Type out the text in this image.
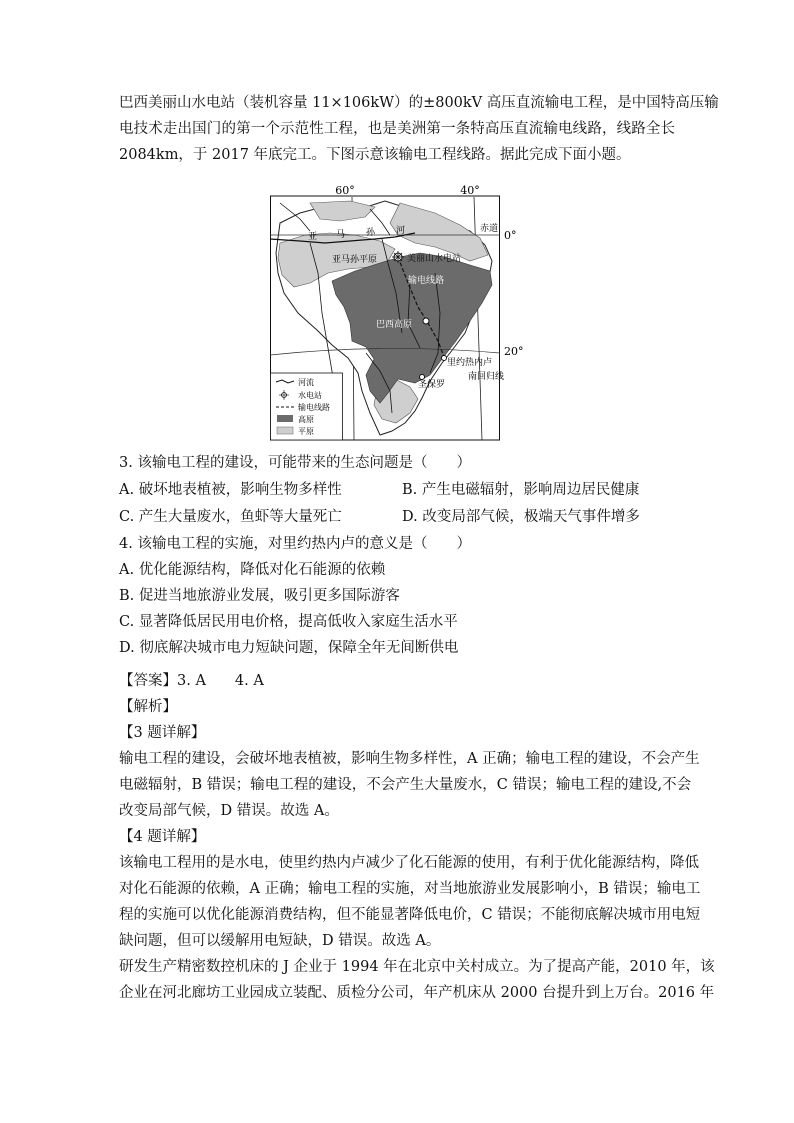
巴西美丽山水电站（装机容量 11×106kW）的±800kV 高压直流输电工程，是中国特高压输
电技术走出国门的第一个示范性工程，也是美洲第一条特高压直流输电线路，线路全长
2084km，于 2017 年底完工。下图示意该输电工程线路。据此完成下面小题。
60°	40°
0°
20°
赤道
南回归线
亚 马 孙 河
亚马孙平原	美丽山水电站
输电线路
巴西高原
里约热内卢
圣保罗
河流
水电站
输电线路
高原
平原
3. 该输电工程的建设，可能带来的生态问题是（　　）
A. 破坏地表植被，影响生物多样性	B. 产生电磁辐射，影响周边居民健康
C. 产生大量废水，鱼虾等大量死亡	D. 改变局部气候，极端天气事件增多
4. 该输电工程的实施，对里约热内卢的意义是（　　）
A. 优化能源结构，降低对化石能源的依赖
B. 促进当地旅游业发展，吸引更多国际游客
C. 显著降低居民用电价格，提高低收入家庭生活水平
D. 彻底解决城市电力短缺问题，保障全年无间断供电
【答案】3. A　　4. A
【解析】
【3 题详解】
输电工程的建设，会破坏地表植被，影响生物多样性，A 正确；输电工程的建设，不会产生
电磁辐射，B 错误；输电工程的建设，不会产生大量废水，C 错误；输电工程的建设,不会
改变局部气候，D 错误。故选 A。
【4 题详解】
该输电工程用的是水电，使里约热内卢减少了化石能源的使用，有利于优化能源结构，降低
对化石能源的依赖，A 正确；输电工程的实施，对当地旅游业发展影响小，B 错误；输电工
程的实施可以优化能源消费结构，但不能显著降低电价，C 错误；不能彻底解决城市用电短
缺问题，但可以缓解用电短缺，D 错误。故选 A。
研发生产精密数控机床的 J 企业于 1994 年在北京中关村成立。为了提高产能，2010 年，该
企业在河北廊坊工业园成立装配、质检分公司，年产机床从 2000 台提升到上万台。2016 年
